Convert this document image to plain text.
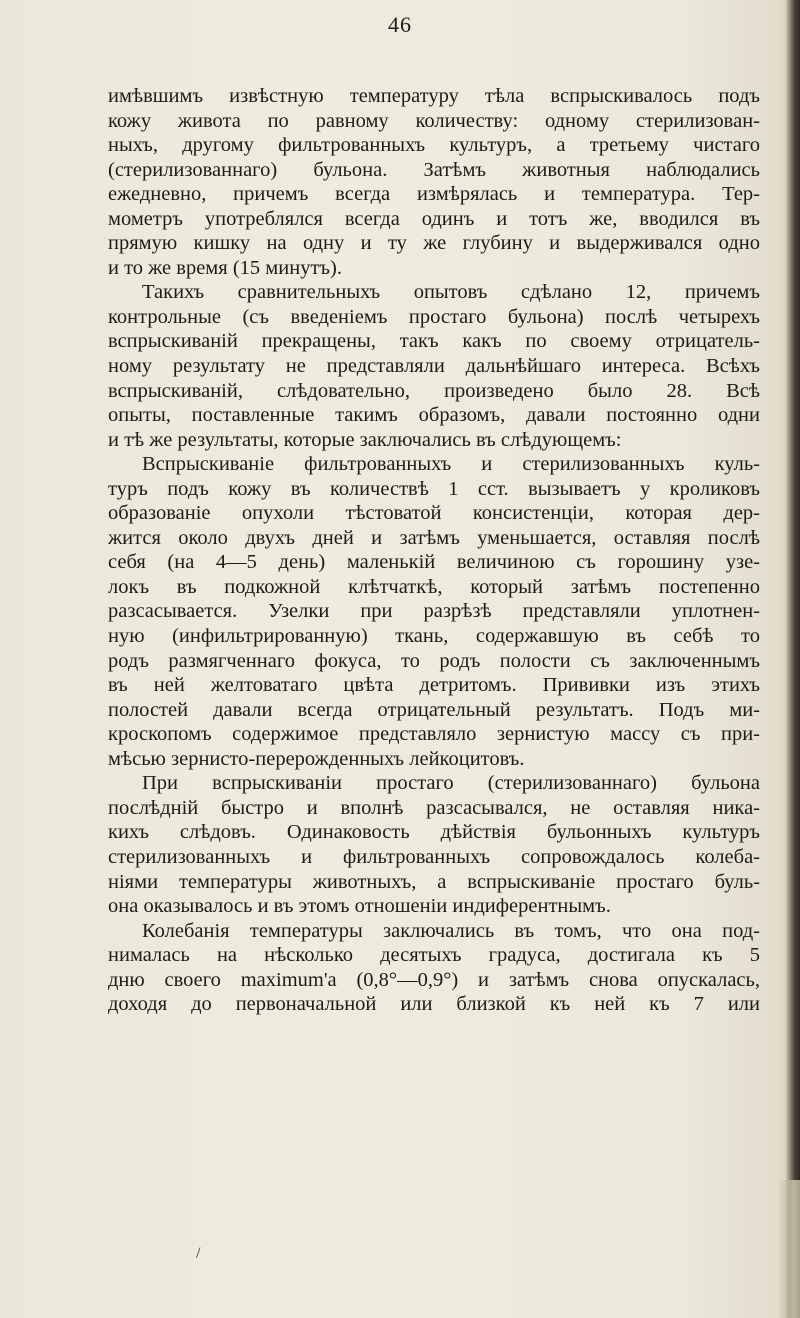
46
имѣвшимъ извѣстную температуру тѣла вспрыскивалось подъ
кожу живота по равному количеству: одному стерилизован-
ныхъ, другому фильтрованныхъ культуръ, а третьему чистаго
(стерилизованнаго) бульона. Затѣмъ животныя наблюдались
ежедневно, причемъ всегда измѣрялась и температура. Тер-
мометръ употреблялся всегда одинъ и тотъ же, вводился въ
прямую кишку на одну и ту же глубину и выдерживался одно
и то же время (15 минутъ).
Такихъ сравнительныхъ опытовъ сдѣлано 12, причемъ
контрольные (съ введеніемъ простаго бульона) послѣ четырехъ
вспрыскиваній прекращены, такъ какъ по своему отрицатель-
ному результату не представляли дальнѣйшаго интереса. Всѣхъ
вспрыскиваній, слѣдовательно, произведено было 28. Всѣ
опыты, поставленные такимъ образомъ, давали постоянно одни
и тѣ же результаты, которые заключались въ слѣдующемъ:
Вспрыскиваніе фильтрованныхъ и стерилизованныхъ куль-
туръ подъ кожу въ количествѣ 1 сст. вызываетъ у кроликовъ
образованіе опухоли тѣстоватой консистенціи, которая дер-
жится около двухъ дней и затѣмъ уменьшается, оставляя послѣ
себя (на 4—5 день) маленькій величиною съ горошину узе-
локъ въ подкожной клѣтчаткѣ, который затѣмъ постепенно
разсасывается. Узелки при разрѣзѣ представляли уплотнен-
ную (инфильтрированную) ткань, содержавшую въ себѣ то
родъ размягченнаго фокуса, то родъ полости съ заключеннымъ
въ ней желтоватаго цвѣта детритомъ. Прививки изъ этихъ
полостей давали всегда отрицательный результатъ. Подъ ми-
кроскопомъ содержимое представляло зернистую массу съ при-
мѣсью зернисто-перерожденныхъ лейкоцитовъ.
При вспрыскиваніи простаго (стерилизованнаго) бульона
послѣдній быстро и вполнѣ разсасывался, не оставляя ника-
кихъ слѣдовъ. Одинаковость дѣйствія бульонныхъ культуръ
стерилизованныхъ и фильтрованныхъ сопровождалось колеба-
ніями температуры животныхъ, а вспрыскиваніе простаго буль-
она оказывалось и въ этомъ отношеніи индиферентнымъ.
Колебанія температуры заключались въ томъ, что она под-
нималась на нѣсколько десятыхъ градуса, достигала къ 5
дню своего maximum'a (0,8°—0,9°) и затѣмъ снова опускалась,
доходя до первоначальной или близкой къ ней къ 7 или
/
